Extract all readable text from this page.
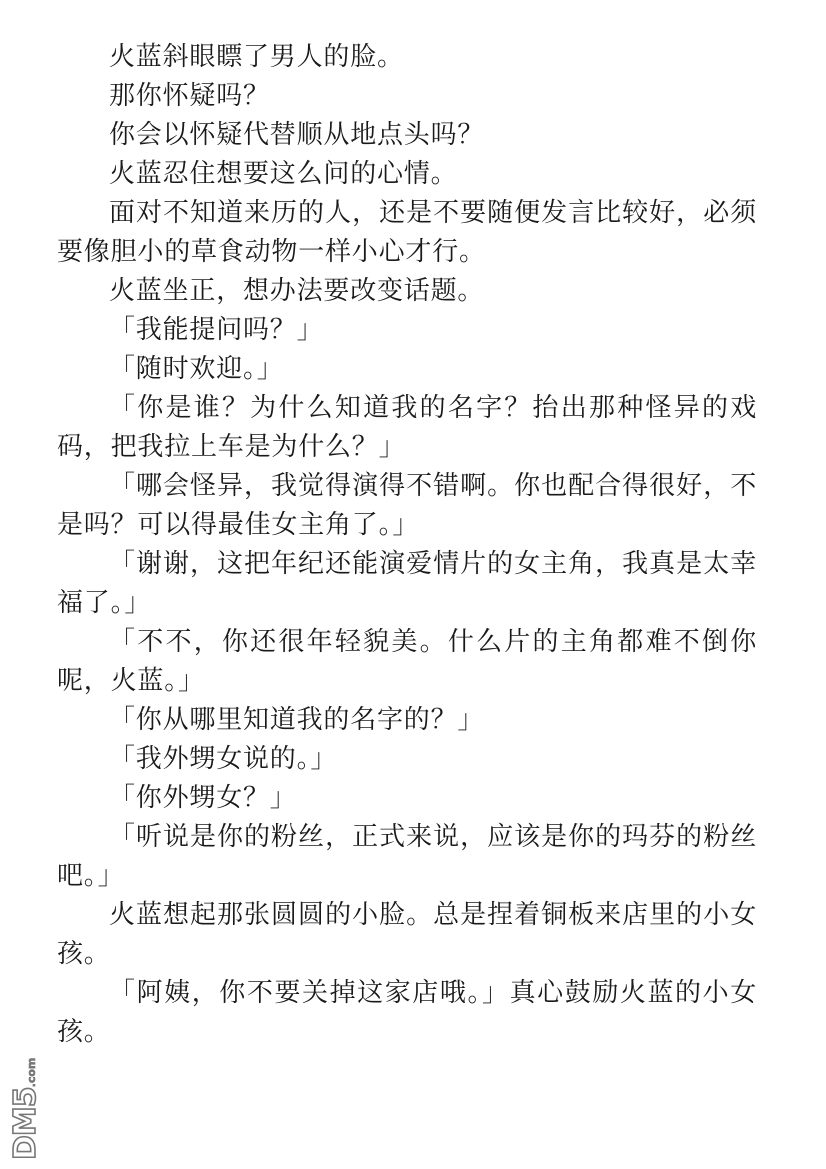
火蓝斜眼瞟了男人的脸。

那你怀疑吗？

你会以怀疑代替顺从地点头吗？

火蓝忍住想要这么问的心情。

面对不知道来历的人，还是不要随便发言比较好，必须要像胆小的草食动物一样小心才行。

火蓝坐正，想办法要改变话题。

「我能提问吗？」

「随时欢迎。」

「你是谁？为什么知道我的名字？抬出那种怪异的戏码，把我拉上车是为什么？」

「哪会怪异，我觉得演得不错啊。你也配合得很好，不是吗？可以得最佳女主角了。」

「谢谢，这把年纪还能演爱情片的女主角，我真是太幸福了。」

「不不，你还很年轻貌美。什么片的主角都难不倒你呢，火蓝。」

「你从哪里知道我的名字的？」

「我外甥女说的。」

「你外甥女？」

「听说是你的粉丝，正式来说，应该是你的玛芬的粉丝吧。」

火蓝想起那张圆圆的小脸。总是捏着铜板来店里的小女孩。

「阿姨，你不要关掉这家店哦。」真心鼓励火蓝的小女孩。

DM5.com
